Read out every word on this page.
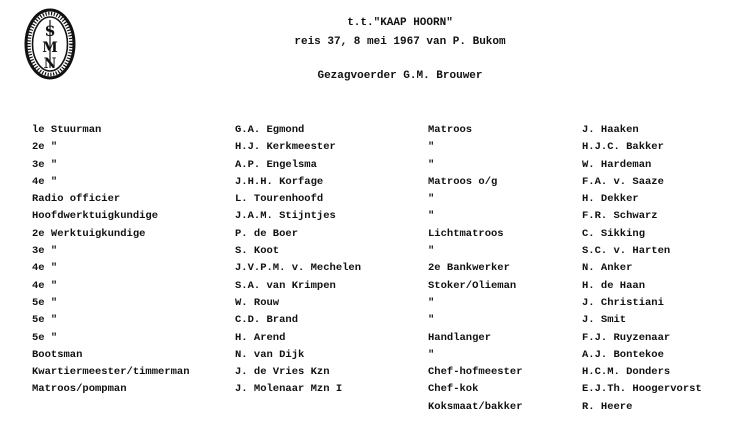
S
M
N
t.t."KAAP HOORN"
reis 37, 8 mei 1967 van P. Bukom
Gezagvoerder G.M. Brouwer
le Stuurman
2e "
3e "
4e "
Radio officier
Hoofdwerktuigkundige
2e Werktuigkundige
3e "
4e "
4e "
5e "
5e "
5e "
Bootsman
Kwartiermeester/timmerman
Matroos/pompman
G.A. Egmond
H.J. Kerkmeester
A.P. Engelsma
J.H.H. Korfage
L. Tourenhoofd
J.A.M. Stijntjes
P. de Boer
S. Koot
J.V.P.M. v. Mechelen
S.A. van Krimpen
W. Rouw
C.D. Brand
H. Arend
N. van Dijk
J. de Vries Kzn
J. Molenaar Mzn I
Matroos
"
"
Matroos o/g
"
"
Lichtmatroos
"
2e Bankwerker
Stoker/Olieman
"
"
Handlanger
"
Chef-hofmeester
Chef-kok
Koksmaat/bakker
J. Haaken
H.J.C. Bakker
W. Hardeman
F.A. v. Saaze
H. Dekker
F.R. Schwarz
C. Sikking
S.C. v. Harten
N. Anker
H. de Haan
J. Christiani
J. Smit
F.J. Ruyzenaar
A.J. Bontekoe
H.C.M. Donders
E.J.Th. Hoogervorst
R. Heere
